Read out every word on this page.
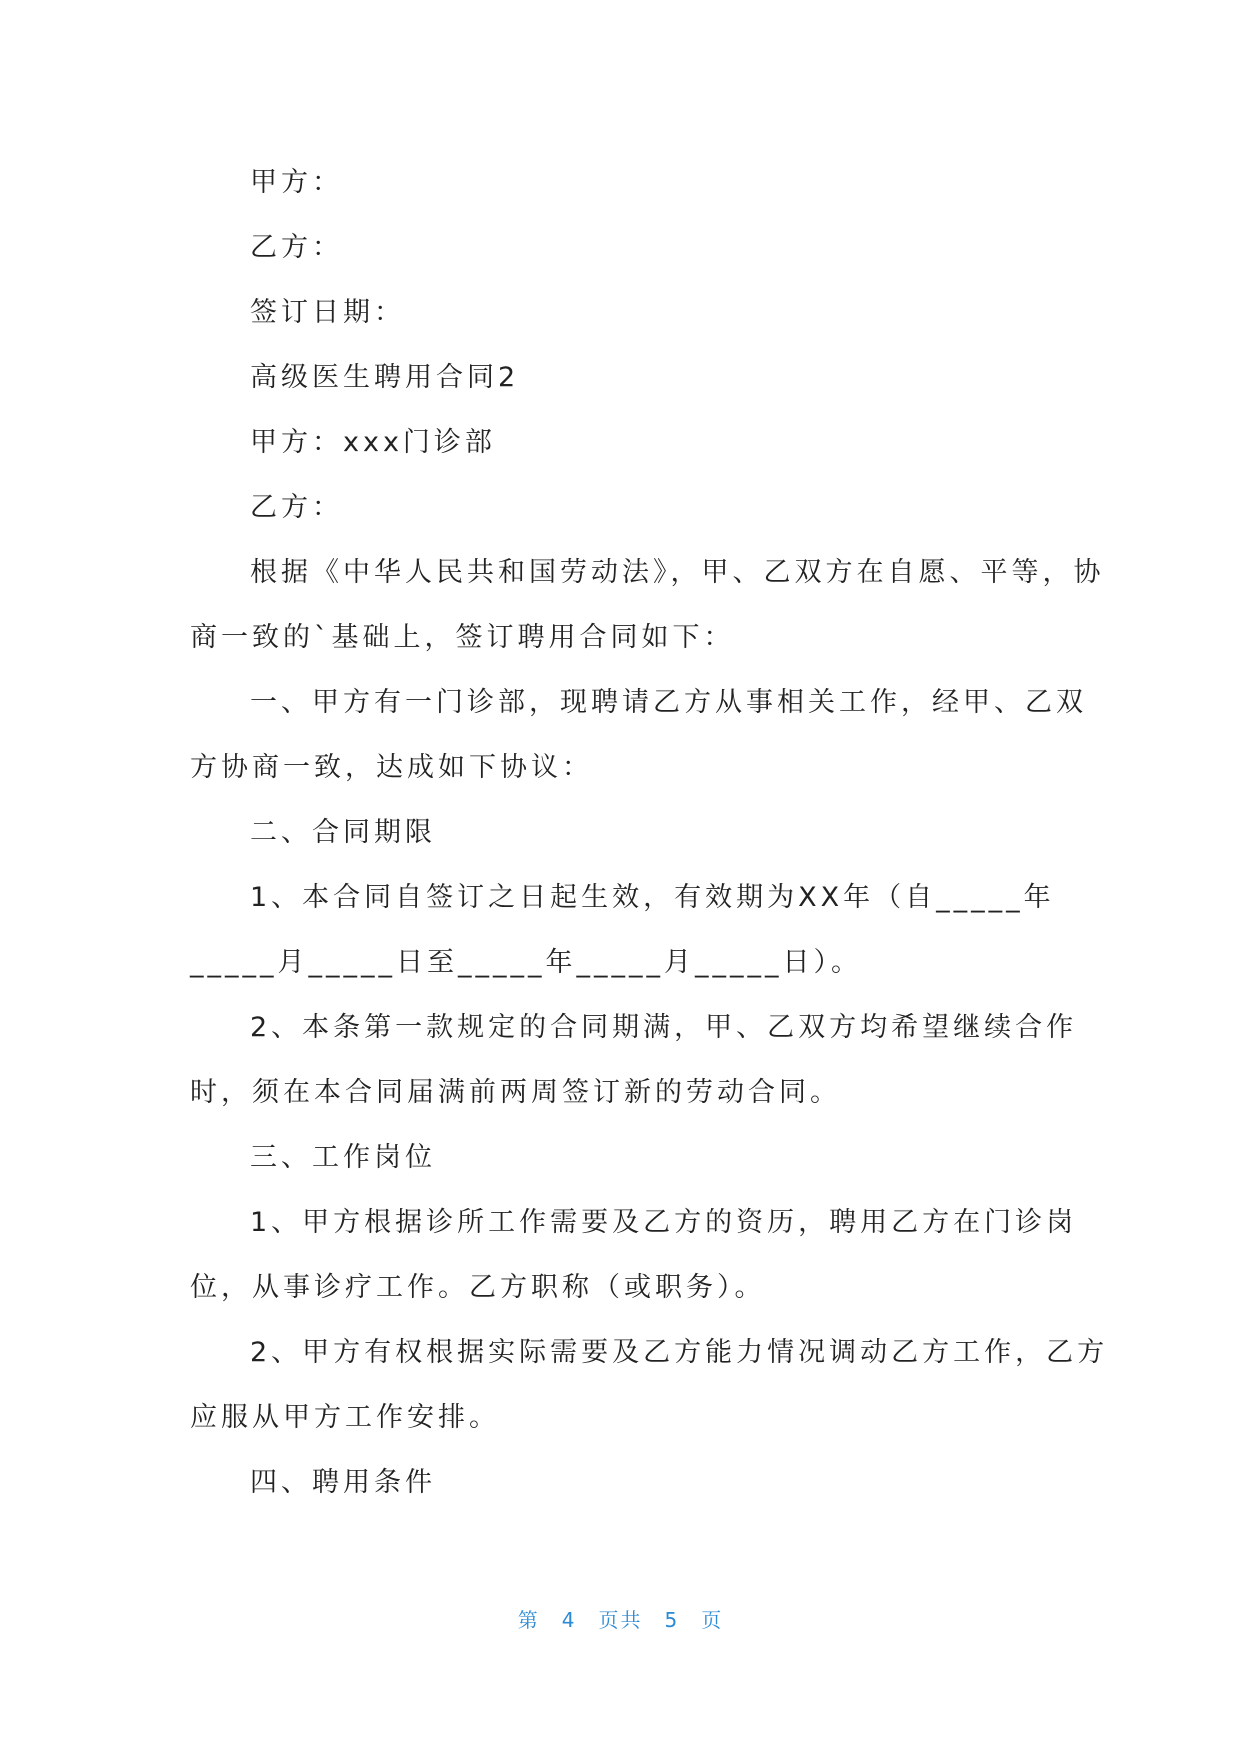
甲方：
乙方：
签订日期：
高级医生聘用合同2
甲方：xxx门诊部
乙方：
根据《中华人民共和国劳动法》，甲、乙双方在自愿、平等，协
商一致的`基础上，签订聘用合同如下：
一、甲方有一门诊部，现聘请乙方从事相关工作，经甲、乙双
方协商一致，达成如下协议：
二、合同期限
1、本合同自签订之日起生效，有效期为XX年（自_____年
_____月_____日至_____年_____月_____日）。
2、本条第一款规定的合同期满，甲、乙双方均希望继续合作
时，须在本合同届满前两周签订新的劳动合同。
三、工作岗位
1、甲方根据诊所工作需要及乙方的资历，聘用乙方在门诊岗
位，从事诊疗工作。乙方职称（或职务）。
2、甲方有权根据实际需要及乙方能力情况调动乙方工作，乙方
应服从甲方工作安排。
四、聘用条件
第 4 页共 5 页
